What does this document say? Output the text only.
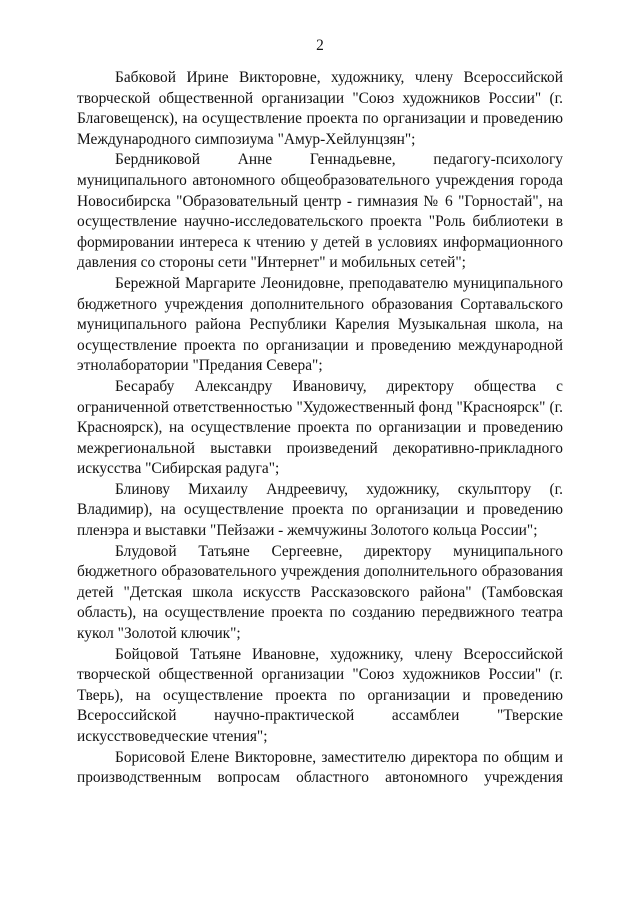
2

Бабковой Ирине Викторовне, художнику, члену Всероссийской творческой общественной организации "Союз художников России" (г. Благовещенск), на осуществление проекта по организации и проведению Международного симпозиума "Амур-Хейлунцзян";

Бердниковой Анне Геннадьевне, педагогу-психологу муниципального автономного общеобразовательного учреждения города Новосибирска "Образовательный центр - гимназия № 6 "Горностай", на осуществление научно-исследовательского проекта "Роль библиотеки в формировании интереса к чтению у детей в условиях информационного давления со стороны сети "Интернет" и мобильных сетей";

Бережной Маргарите Леонидовне, преподавателю муниципального бюджетного учреждения дополнительного образования Сортавальского муниципального района Республики Карелия Музыкальная школа, на осуществление проекта по организации и проведению международной этнолаборатории "Предания Севера";

Бесарабу Александру Ивановичу, директору общества с ограниченной ответственностью "Художественный фонд "Красноярск" (г. Красноярск), на осуществление проекта по организации и проведению межрегиональной выставки произведений декоративно-прикладного искусства "Сибирская радуга";

Блинову Михаилу Андреевичу, художнику, скульптору (г. Владимир), на осуществление проекта по организации и проведению пленэра и выставки "Пейзажи - жемчужины Золотого кольца России";

Блудовой Татьяне Сергеевне, директору муниципального бюджетного образовательного учреждения дополнительного образования детей "Детская школа искусств Рассказовского района" (Тамбовская область), на осуществление проекта по созданию передвижного театра кукол "Золотой ключик";

Бойцовой Татьяне Ивановне, художнику, члену Всероссийской творческой общественной организации "Союз художников России" (г. Тверь), на осуществление проекта по организации и проведению Всероссийской научно-практической ассамблеи "Тверские искусствоведческие чтения";

Борисовой Елене Викторовне, заместителю директора по общим и производственным вопросам областного автономного учреждения
